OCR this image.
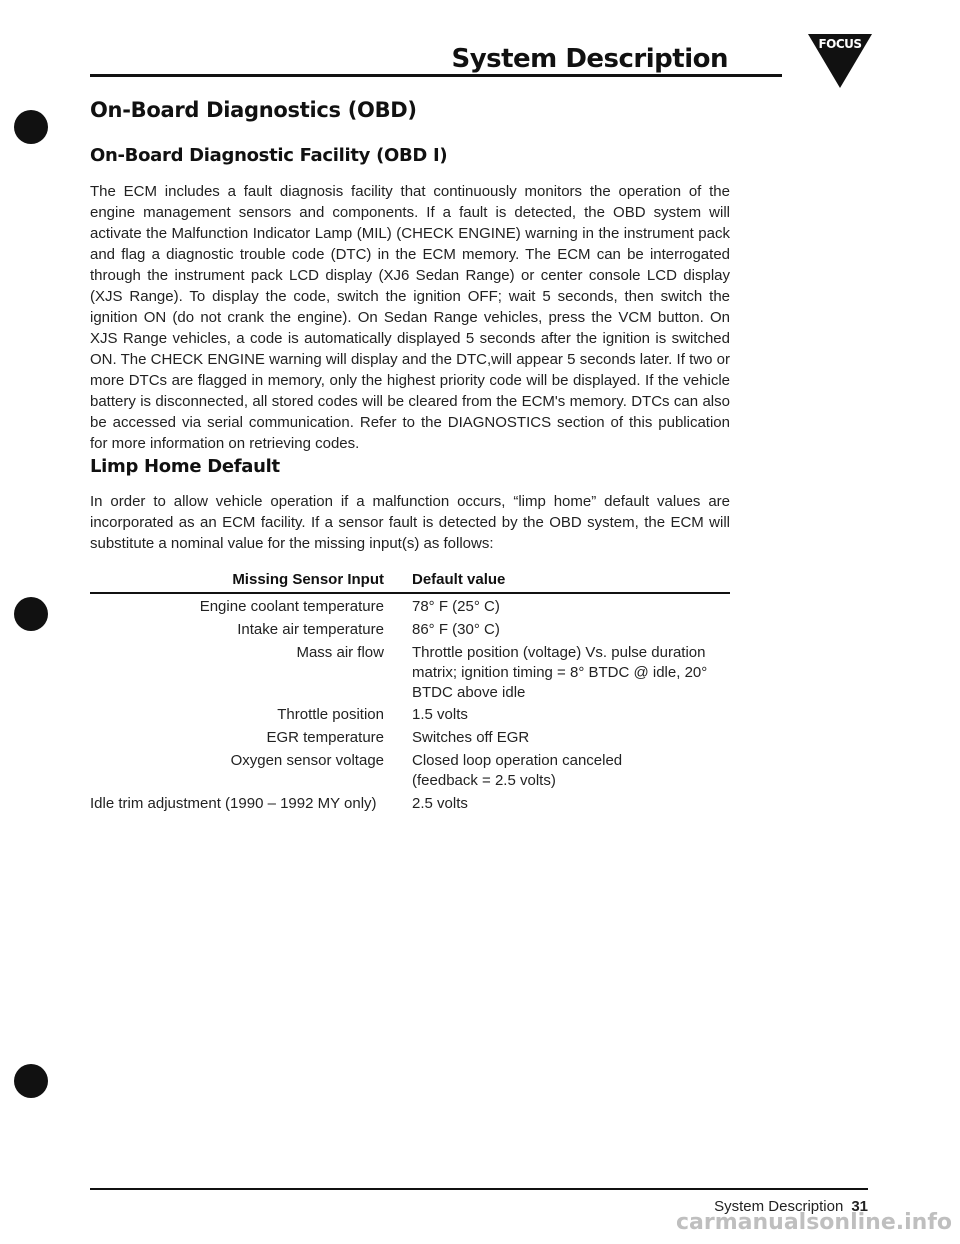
System Description	FOCUS
On-Board Diagnostics (OBD)
On-Board Diagnostic Facility (OBD I)

The ECM includes a fault diagnosis facility that continuously monitors the operation of the engine management sensors and components. If a fault is detected, the OBD system will activate the Malfunction Indicator Lamp (MIL) (CHECK ENGINE) warning in the instrument pack and flag a diagnostic trouble code (DTC) in the ECM memory. The ECM can be interrogated through the instrument pack LCD display (XJ6 Sedan Range) or center console LCD display (XJS Range). To display the code, switch the ignition OFF; wait 5 seconds, then switch the ignition ON (do not crank the engine). On Sedan Range vehicles, press the VCM button. On XJS Range vehicles, a code is automatically displayed 5 seconds after the ignition is switched ON. The CHECK ENGINE warning will display and the DTC,will appear 5 seconds later. If two or more DTCs are flagged in memory, only the highest priority code will be displayed. If the vehicle battery is disconnected, all stored codes will be cleared from the ECM's memory. DTCs can also be accessed via serial communication. Refer to the DIAGNOSTICS section of this publication for more information on retrieving codes.

Limp Home Default

In order to allow vehicle operation if a malfunction occurs, “limp home” default values are incorporated as an ECM facility. If a sensor fault is detected by the OBD system, the ECM will substitute a nominal value for the missing input(s) as follows:

Missing Sensor Input Default value
Engine coolant temperature 78° F (25° C)
Intake air temperature 86° F (30° C)
Mass air flow Throttle position (voltage) Vs. pulse duration matrix; ignition timing = 8° BTDC @ idle, 20° BTDC above idle
Throttle position 1.5 volts
EGR temperature Switches off EGR
Oxygen sensor voltage Closed loop operation canceled (feedback = 2.5 volts)
Idle trim adjustment (1990 – 1992 MY only)	2.5 volts
System Description 31
carmanualsonline.info
